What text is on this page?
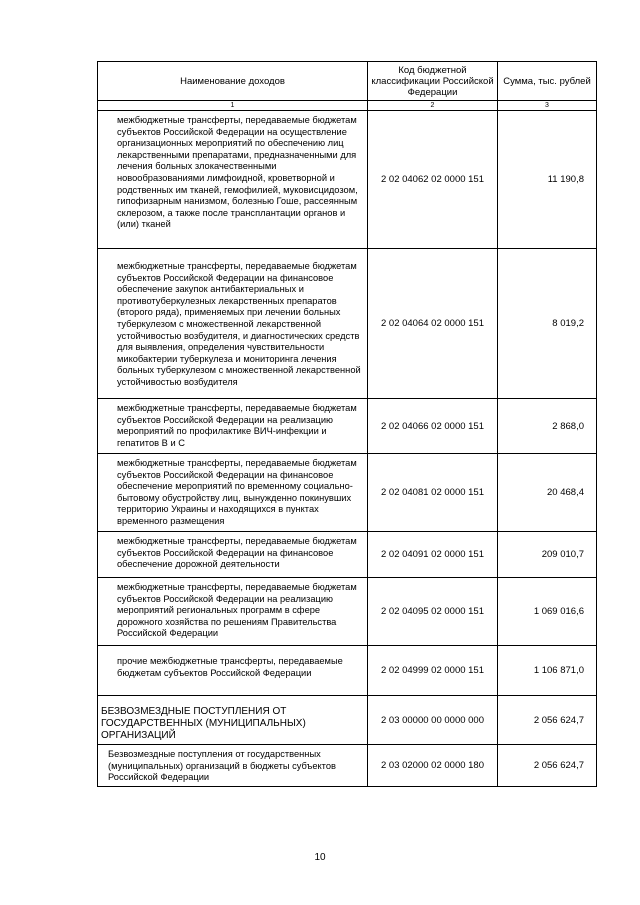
Наименование доходов	Код бюджетной классификации Российской Федерации	Сумма, тыс. рублей
1	2	3

межбюджетные трансферты, передаваемые бюджетам субъектов Российской Федерации на осуществление организационных мероприятий по обеспечению лиц лекарственными препаратами, предназначенными для лечения больных злокачественными новообразованиями лимфоидной, кроветворной и родственных им тканей, гемофилией, муковисцидозом, гипофизарным нанизмом, болезнью Гоше, рассеянным склерозом, а также после трансплантации органов и (или) тканей	2 02 04062 02 0000 151	11 190,8

межбюджетные трансферты, передаваемые бюджетам субъектов Российской Федерации на финансовое обеспечение закупок антибактериальных и противотуберкулезных лекарственных препаратов (второго ряда), применяемых при лечении больных туберкулезом с множественной лекарственной устойчивостью возбудителя, и диагностических средств для выявления, определения чувствительности микобактерии туберкулеза и мониторинга лечения больных туберкулезом с множественной лекарственной устойчивостью возбудителя	2 02 04064 02 0000 151	8 019,2

межбюджетные трансферты, передаваемые бюджетам субъектов Российской Федерации на реализацию мероприятий по профилактике ВИЧ-инфекции и гепатитов В и С	2 02 04066 02 0000 151	2 868,0

межбюджетные трансферты, передаваемые бюджетам субъектов Российской Федерации на финансовое обеспечение мероприятий по временному социально-бытовому обустройству лиц, вынужденно покинувших территорию Украины и находящихся в пунктах временного размещения	2 02 04081 02 0000 151	20 468,4

межбюджетные трансферты, передаваемые бюджетам субъектов Российской Федерации на финансовое обеспечение дорожной деятельности	2 02 04091 02 0000 151	209 010,7

межбюджетные трансферты, передаваемые бюджетам субъектов Российской Федерации на реализацию мероприятий региональных программ в сфере дорожного хозяйства по решениям Правительства Российской Федерации	2 02 04095 02 0000 151	1 069 016,6

прочие межбюджетные трансферты, передаваемые бюджетам субъектов Российской Федерации	2 02 04999 02 0000 151	1 106 871,0

БЕЗВОЗМЕЗДНЫЕ ПОСТУПЛЕНИЯ ОТ ГОСУДАРСТВЕННЫХ (МУНИЦИПАЛЬНЫХ) ОРГАНИЗАЦИЙ	2 03 00000 00 0000 000	2 056 624,7

Безвозмездные поступления от государственных (муниципальных) организаций в бюджеты субъектов Российской Федерации	2 03 02000 02 0000 180	2 056 624,7
10
